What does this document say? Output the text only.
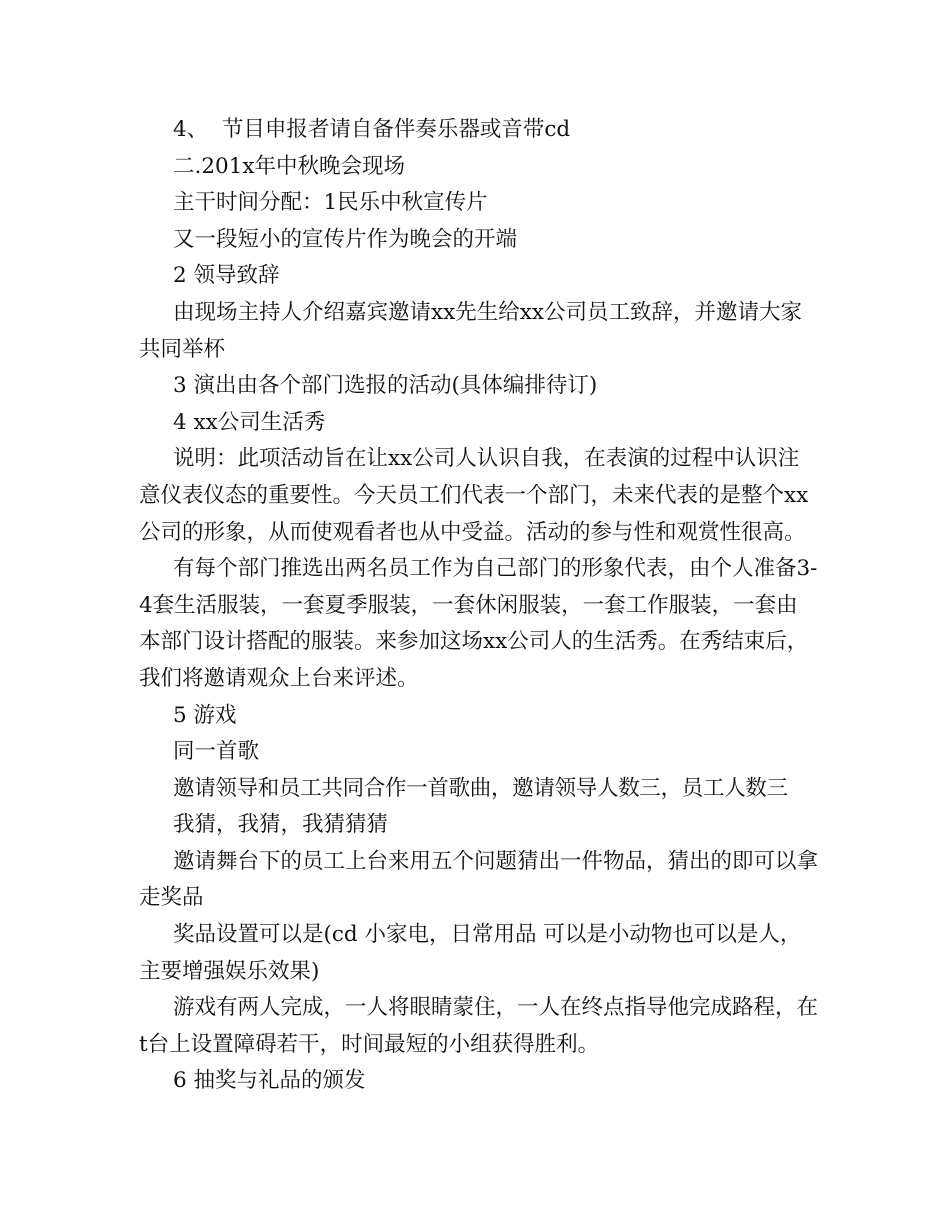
4、  节目申报者请自备伴奏乐器或音带cd

二.201x年中秋晚会现场

主干时间分配：1民乐中秋宣传片

又一段短小的宣传片作为晚会的开端

2 领导致辞

由现场主持人介绍嘉宾邀请xx先生给xx公司员工致辞，并邀请大家共同举杯

3 演出由各个部门选报的活动(具体编排待订)

4 xx公司生活秀

说明：此项活动旨在让xx公司人认识自我，在表演的过程中认识注意仪表仪态的重要性。今天员工们代表一个部门，未来代表的是整个xx公司的形象，从而使观看者也从中受益。活动的参与性和观赏性很高。

有每个部门推选出两名员工作为自己部门的形象代表，由个人准备3-4套生活服装，一套夏季服装，一套休闲服装，一套工作服装，一套由本部门设计搭配的服装。来参加这场xx公司人的生活秀。在秀结束后，我们将邀请观众上台来评述。

5 游戏

同一首歌

邀请领导和员工共同合作一首歌曲，邀请领导人数三，员工人数三

我猜，我猜，我猜猜猜

邀请舞台下的员工上台来用五个问题猜出一件物品，猜出的即可以拿走奖品

奖品设置可以是(cd 小家电，日常用品 可以是小动物也可以是人，主要增强娱乐效果)

游戏有两人完成，一人将眼睛蒙住，一人在终点指导他完成路程，在t台上设置障碍若干，时间最短的小组获得胜利。

6 抽奖与礼品的颁发
